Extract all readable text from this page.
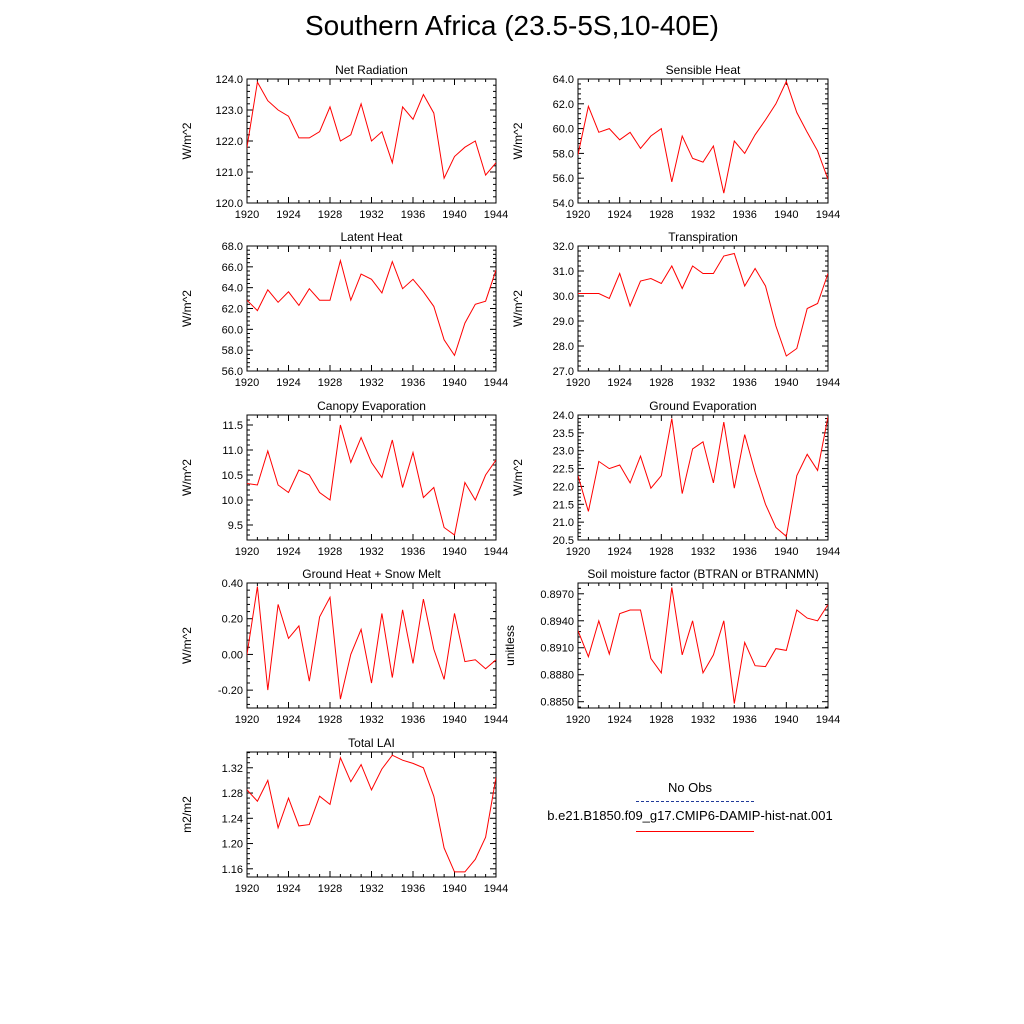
Southern Africa (23.5-5S,10-40E)
1920 1924 1928 1932 1936 1940 1944
120.0
121.0
122.0
123.0
124.0
Net Radiation
W/m^2
1920 1924 1928 1932 1936 1940 1944
54.0
56.0
58.0
60.0
62.0
64.0
Sensible Heat
W/m^2
1920 1924 1928 1932 1936 1940 1944
56.0
58.0
60.0
62.0
64.0
66.0
68.0
Latent Heat
W/m^2
1920 1924 1928 1932 1936 1940 1944
27.0
28.0
29.0
30.0
31.0
32.0
Transpiration
W/m^2
1920 1924 1928 1932 1936 1940 1944
9.5
10.0
10.5
11.0
11.5
Canopy Evaporation
W/m^2
1920 1924 1928 1932 1936 1940 1944
20.5
21.0
21.5
22.0
22.5
23.0
23.5
24.0
Ground Evaporation
W/m^2
1920 1924 1928 1932 1936 1940 1944
-0.20
0.00
0.20
0.40
Ground Heat + Snow Melt
W/m^2
1920 1924 1928 1932 1936 1940 1944
0.8850
0.8880
0.8910
0.8940
0.8970
Soil moisture factor (BTRAN or BTRANMN)
unitless
1920 1924 1928 1932 1936 1940 1944
1.16
1.20
1.24
1.28
1.32
Total LAI
m2/m2
No Obs
b.e21.B1850.f09_g17.CMIP6-DAMIP-hist-nat.001
